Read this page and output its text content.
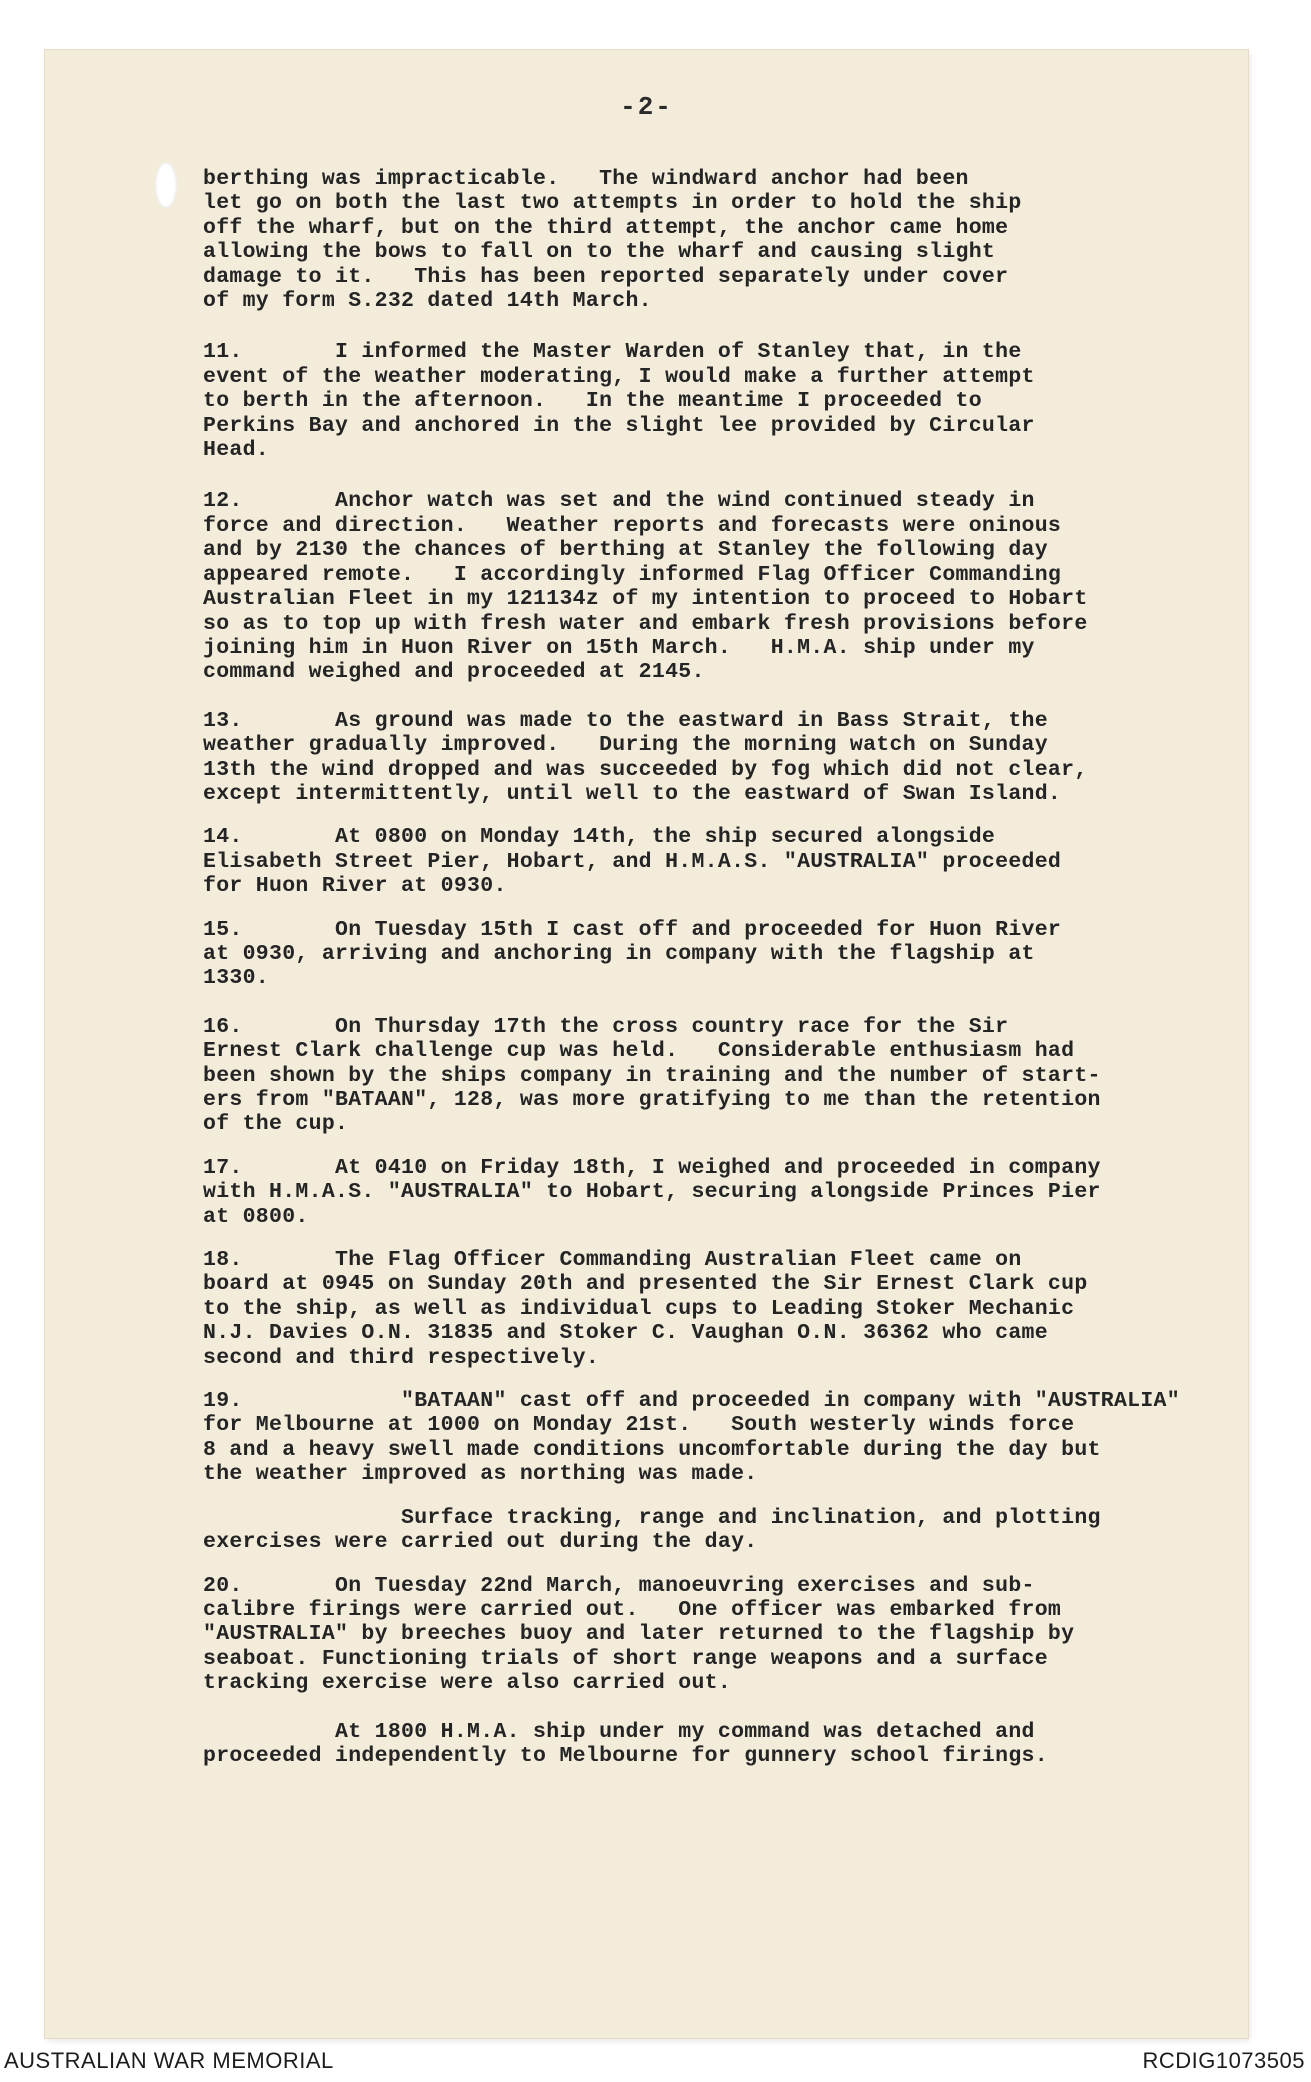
-2-

berthing was impracticable.   The windward anchor had been
let go on both the last two attempts in order to hold the ship
off the wharf, but on the third attempt, the anchor came home
allowing the bows to fall on to the wharf and causing slight
damage to it.   This has been reported separately under cover
of my form S.232 dated 14th March.

11.       I informed the Master Warden of Stanley that, in the
event of the weather moderating, I would make a further attempt
to berth in the afternoon.   In the meantime I proceeded to
Perkins Bay and anchored in the slight lee provided by Circular
Head.

12.       Anchor watch was set and the wind continued steady in
force and direction.   Weather reports and forecasts were oninous
and by 2130 the chances of berthing at Stanley the following day
appeared remote.   I accordingly informed Flag Officer Commanding
Australian Fleet in my 121134z of my intention to proceed to Hobart
so as to top up with fresh water and embark fresh provisions before
joining him in Huon River on 15th March.   H.M.A. ship under my
command weighed and proceeded at 2145.

13.       As ground was made to the eastward in Bass Strait, the
weather gradually improved.   During the morning watch on Sunday
13th the wind dropped and was succeeded by fog which did not clear,
except intermittently, until well to the eastward of Swan Island.

14.       At 0800 on Monday 14th, the ship secured alongside
Elisabeth Street Pier, Hobart, and H.M.A.S. "AUSTRALIA" proceeded
for Huon River at 0930.

15.       On Tuesday 15th I cast off and proceeded for Huon River
at 0930, arriving and anchoring in company with the flagship at
1330.

16.       On Thursday 17th the cross country race for the Sir
Ernest Clark challenge cup was held.   Considerable enthusiasm had
been shown by the ships company in training and the number of start-
ers from "BATAAN", 128, was more gratifying to me than the retention
of the cup.

17.       At 0410 on Friday 18th, I weighed and proceeded in company
with H.M.A.S. "AUSTRALIA" to Hobart, securing alongside Princes Pier
at 0800.

18.       The Flag Officer Commanding Australian Fleet came on
board at 0945 on Sunday 20th and presented the Sir Ernest Clark cup
to the ship, as well as individual cups to Leading Stoker Mechanic
N.J. Davies O.N. 31835 and Stoker C. Vaughan O.N. 36362 who came
second and third respectively.

19.            "BATAAN" cast off and proceeded in company with "AUSTRALIA"
for Melbourne at 1000 on Monday 21st.   South westerly winds force
8 and a heavy swell made conditions uncomfortable during the day but
the weather improved as northing was made.

Surface tracking, range and inclination, and plotting
exercises were carried out during the day.

20.       On Tuesday 22nd March, manoeuvring exercises and sub-
calibre firings were carried out.   One officer was embarked from
"AUSTRALIA" by breeches buoy and later returned to the flagship by
seaboat. Functioning trials of short range weapons and a surface
tracking exercise were also carried out.

At 1800 H.M.A. ship under my command was detached and
proceeded independently to Melbourne for gunnery school firings.

AUSTRALIAN WAR MEMORIAL	RCDIG1073505
